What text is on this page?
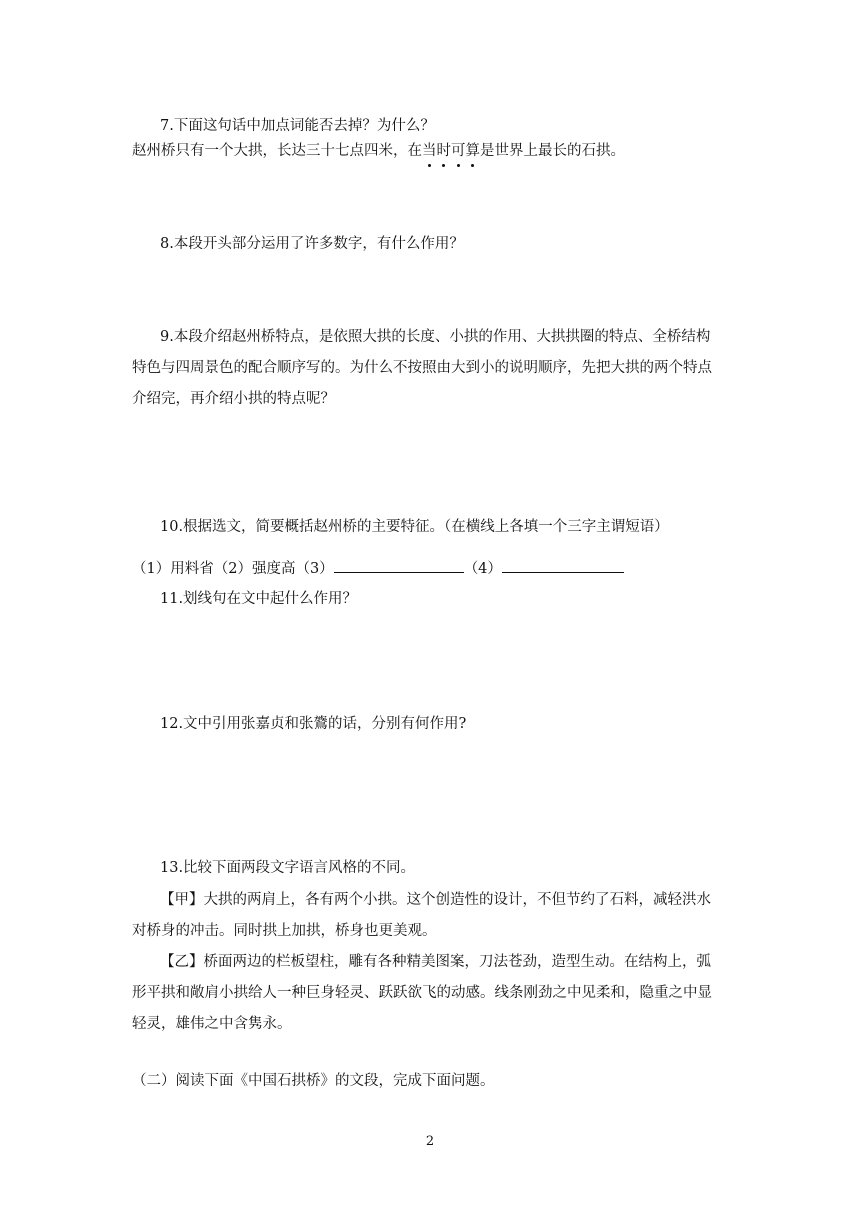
7.下面这句话中加点词能否去掉？为什么？
赵州桥只有一个大拱，长达三十七点四米，在当时可算是世界上最长的石拱。
8.本段开头部分运用了许多数字，有什么作用？
9.本段介绍赵州桥特点，是依照大拱的长度、小拱的作用、大拱拱圈的特点、全桥结构
特色与四周景色的配合顺序写的。为什么不按照由大到小的说明顺序，先把大拱的两个特点
介绍完，再介绍小拱的特点呢？
10.根据选文，简要概括赵州桥的主要特征。（在横线上各填一个三字主谓短语）
（1）用料省（2）强度高（3）	（4）
11.划线句在文中起什么作用？
12.文中引用张嘉贞和张鷟的话，分别有何作用?
13.比较下面两段文字语言风格的不同。
【甲】大拱的两肩上，各有两个小拱。这个创造性的设计，不但节约了石料，减轻洪水
对桥身的冲击。同时拱上加拱，桥身也更美观。
【乙】桥面两边的栏板望柱，雕有各种精美图案，刀法苍劲，造型生动。在结构上，弧
形平拱和敞肩小拱给人一种巨身轻灵、跃跃欲飞的动感。线条刚劲之中见柔和，隐重之中显
轻灵，雄伟之中含隽永。
（二）阅读下面《中国石拱桥》的文段，完成下面问题。
2
